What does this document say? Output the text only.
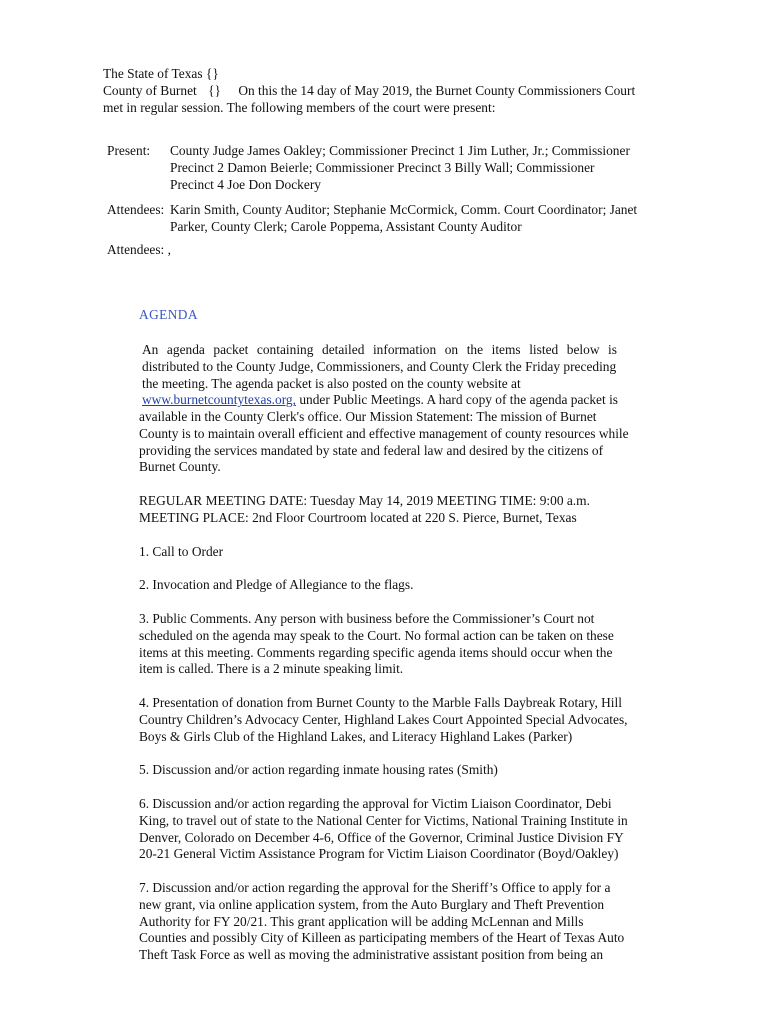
The State of Texas {}

County of Burnet {} On this the 14 day of May 2019, the Burnet County Commissioners Court

met in regular session. The following members of the court were present:

Present: County Judge James Oakley; Commissioner Precinct 1 Jim Luther, Jr.; Commissioner
Precinct 2 Damon Beierle; Commissioner Precinct 3 Billy Wall; Commissioner
Precinct 4 Joe Don Dockery

Attendees: Karin Smith, County Auditor; Stephanie McCormick, Comm. Court Coordinator; Janet
Parker, County Clerk; Carole Poppema, Assistant County Auditor

Attendees: ,

AGENDA

An agenda packet containing detailed information on the items listed below is
distributed to the County Judge, Commissioners, and County Clerk the Friday preceding
the meeting. The agenda packet is also posted on the county website at
www.burnetcountytexas.org, under Public Meetings. A hard copy of the agenda packet is
available in the County Clerk's office. Our Mission Statement: The mission of Burnet
County is to maintain overall efficient and effective management of county resources while
providing the services mandated by state and federal law and desired by the citizens of
Burnet County.
REGULAR MEETING DATE: Tuesday May 14, 2019 MEETING TIME: 9:00 a.m.
MEETING PLACE: 2nd Floor Courtroom located at 220 S. Pierce, Burnet, Texas
1. Call to Order
2. Invocation and Pledge of Allegiance to the flags.
3. Public Comments. Any person with business before the Commissioner’s Court not
scheduled on the agenda may speak to the Court. No formal action can be taken on these
items at this meeting. Comments regarding specific agenda items should occur when the
item is called. There is a 2 minute speaking limit.
4. Presentation of donation from Burnet County to the Marble Falls Daybreak Rotary, Hill
Country Children’s Advocacy Center, Highland Lakes Court Appointed Special Advocates,
Boys & Girls Club of the Highland Lakes, and Literacy Highland Lakes (Parker)
5. Discussion and/or action regarding inmate housing rates (Smith)
6. Discussion and/or action regarding the approval for Victim Liaison Coordinator, Debi
King, to travel out of state to the National Center for Victims, National Training Institute in
Denver, Colorado on December 4-6, Office of the Governor, Criminal Justice Division FY
20-21 General Victim Assistance Program for Victim Liaison Coordinator (Boyd/Oakley)
7. Discussion and/or action regarding the approval for the Sheriff’s Office to apply for a
new grant, via online application system, from the Auto Burglary and Theft Prevention
Authority for FY 20/21. This grant application will be adding McLennan and Mills
Counties and possibly City of Killeen as participating members of the Heart of Texas Auto
Theft Task Force as well as moving the administrative assistant position from being an
